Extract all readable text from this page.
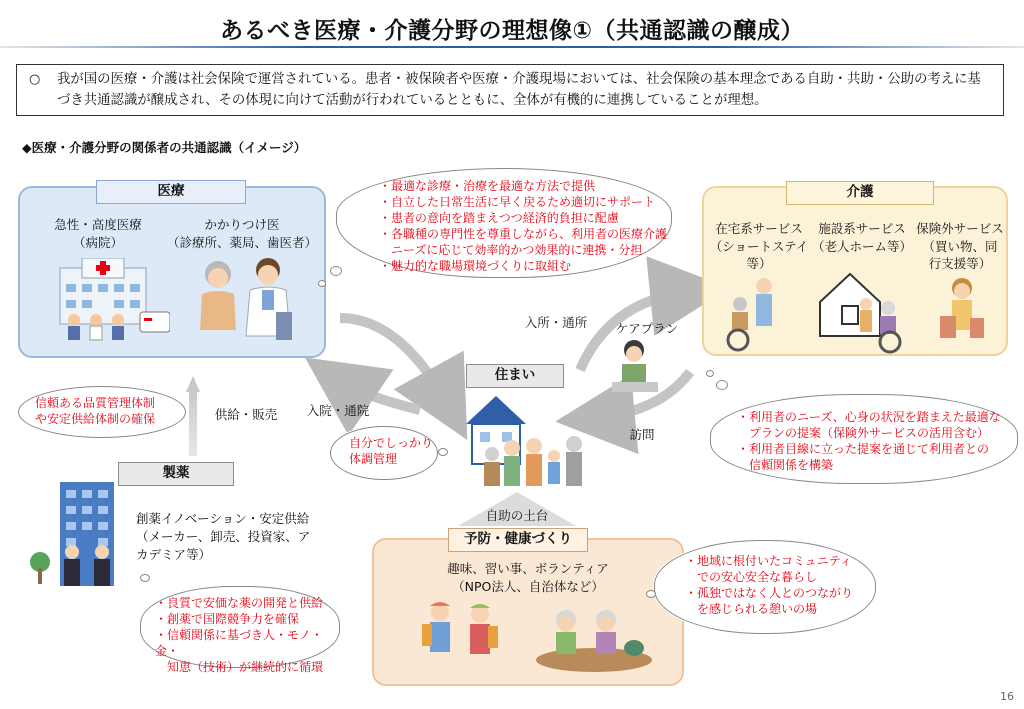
あるべき医療・介護分野の理想像①（共通認識の醸成）
○ 我が国の医療・介護は社会保険で運営されている。患者・被保険者や医療・介護現場においては、社会保険の基本理念である自助・共助・公助の考えに基づき共通認識が醸成され、その体現に向けて活動が行われているとともに、全体が有機的に連携していることが理想。
◆医療・介護分野の関係者の共通認識（イメージ）
医療
急性・高度医療
（病院）
かかりつけ医
（診療所、薬局、歯医者）
・最適な診療・治療を最適な方法で提供
・自立した日常生活に早く戻るため適切にサポート
・患者の意向を踏まえつつ経済的負担に配慮
・各職種の専門性を尊重しながら、利用者の医療介護
　ニーズに応じて効率的かつ効果的に連携・分担
・魅力的な職場環境づくりに取組む
介護
在宅系サービス
（ショートステイ等）
施設系サービス
（老人ホーム等）
保険外サービス
（買い物、同
行支援等）
・利用者のニーズ、心身の状況を踏まえた最適な
　プランの提案（保険外サービスの活用含む）
・利用者目線に立った提案を通じて利用者との
　信頼関係を構築
住まい
入所・通所	ケアプラン
訪問
入院・通院
信頼ある品質管理体制
や安定供給体制の確保	供給・販売
自分でしっかり
体調管理
製薬
創薬イノベーション・安定供給
（メーカー、卸売、投資家、ア
カデミア等）
・良質で安価な薬の開発と供給
・創薬で国際競争力を確保
・信頼関係に基づき人・モノ・金・
　知恵（技術）が継続的に循環
自助の土台
予防・健康づくり
趣味、習い事、ボランティア
（NPO法人、自治体など）
・地域に根付いたコミュニティ
　での安心安全な暮らし
・孤独ではなく人とのつながり
　を感じられる憩いの場
16
